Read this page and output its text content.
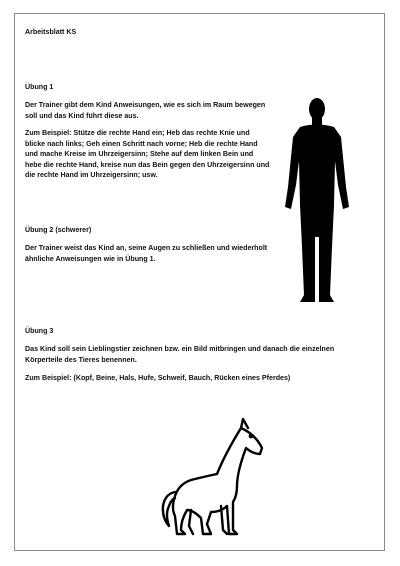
Arbeitsblatt KS

Übung 1

Der Trainer gibt dem Kind Anweisungen, wie es sich im Raum bewegen soll und das Kind führt diese aus.

Zum Beispiel: Stütze die rechte Hand ein; Heb das rechte Knie und blicke nach links; Geh einen Schritt nach vorne; Heb die rechte Hand und mache Kreise im Uhrzeigersinn; Stehe auf dem linken Bein und hebe die rechte Hand, kreise nun das Bein gegen den Uhrzeigersinn und die rechte Hand im Uhrzeigersinn; usw.

Übung 2 (schwerer)

Der Trainer weist das Kind an, seine Augen zu schließen und wiederholt ähnliche Anweisungen wie in Übung 1.

Übung 3

Das Kind soll sein Lieblingstier zeichnen bzw. ein Bild mitbringen und danach die einzelnen Körperteile des Tieres benennen.

Zum Beispiel: (Kopf, Beine, Hals, Hufe, Schweif, Bauch, Rücken eines Pferdes)
